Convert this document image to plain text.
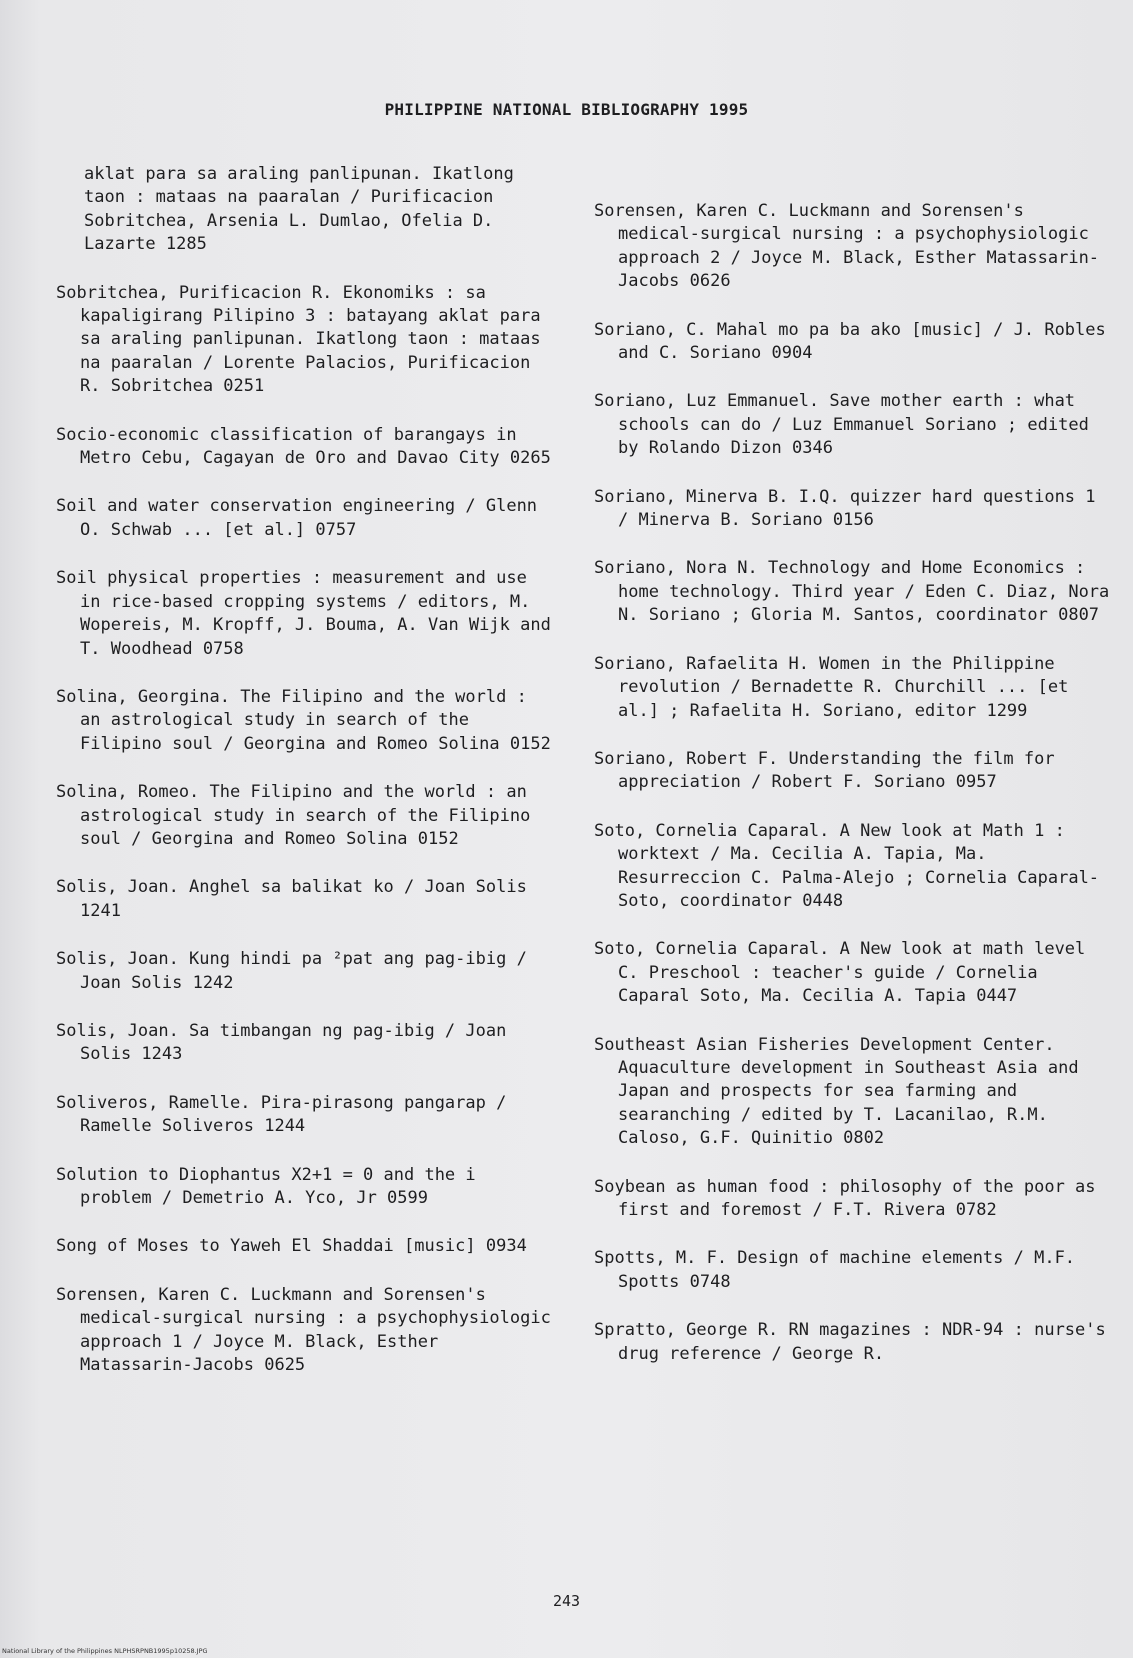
PHILIPPINE NATIONAL BIBLIOGRAPHY 1995

aklat para sa araling panlipunan. Ikatlong taon : mataas na paaralan / Purificacion Sobritchea, Arsenia L. Dumlao, Ofelia D. Lazarte 1285

Sobritchea, Purificacion R. Ekonomiks : sa kapaligirang Pilipino 3 : batayang aklat para sa araling panlipunan. Ikatlong taon : mataas na paaralan / Lorente Palacios, Purificacion R. Sobritchea 0251

Socio-economic classification of barangays in Metro Cebu, Cagayan de Oro and Davao City 0265

Soil and water conservation engineering / Glenn O. Schwab ... [et al.] 0757

Soil physical properties : measurement and use in rice-based cropping systems / editors, M. Wopereis, M. Kropff, J. Bouma, A. Van Wijk and T. Woodhead 0758

Solina, Georgina. The Filipino and the world : an astrological study in search of the Filipino soul / Georgina and Romeo Solina 0152

Solina, Romeo. The Filipino and the world : an astrological study in search of the Filipino soul / Georgina and Romeo Solina 0152

Solis, Joan. Anghel sa balikat ko / Joan Solis 1241

Solis, Joan. Kung hindi pa ²pat ang pag-ibig / Joan Solis 1242

Solis, Joan. Sa timbangan ng pag-ibig / Joan Solis 1243

Soliveros, Ramelle. Pira-pirasong pangarap / Ramelle Soliveros 1244

Solution to Diophantus X2+1 = 0 and the i problem / Demetrio A. Yco, Jr 0599

Song of Moses to Yaweh El Shaddai [music] 0934

Sorensen, Karen C. Luckmann and Sorensen's medical-surgical nursing : a psychophysiologic approach 1 / Joyce M. Black, Esther Matassarin-Jacobs 0625

Sorensen, Karen C. Luckmann and Sorensen's medical-surgical nursing : a psychophysiologic approach 2 / Joyce M. Black, Esther Matassarin-Jacobs 0626

Soriano, C. Mahal mo pa ba ako [music] / J. Robles and C. Soriano 0904

Soriano, Luz Emmanuel. Save mother earth : what schools can do / Luz Emmanuel Soriano ; edited by Rolando Dizon 0346

Soriano, Minerva B. I.Q. quizzer hard questions 1 / Minerva B. Soriano 0156

Soriano, Nora N. Technology and Home Economics : home technology. Third year / Eden C. Diaz, Nora N. Soriano ; Gloria M. Santos, coordinator 0807

Soriano, Rafaelita H. Women in the Philippine revolution / Bernadette R. Churchill ... [et al.] ; Rafaelita H. Soriano, editor 1299

Soriano, Robert F. Understanding the film for appreciation / Robert F. Soriano 0957

Soto, Cornelia Caparal. A New look at Math 1 : worktext / Ma. Cecilia A. Tapia, Ma. Resurreccion C. Palma-Alejo ; Cornelia Caparal-Soto, coordinator 0448

Soto, Cornelia Caparal. A New look at math level C. Preschool : teacher's guide / Cornelia Caparal Soto, Ma. Cecilia A. Tapia 0447

Southeast Asian Fisheries Development Center. Aquaculture development in Southeast Asia and Japan and prospects for sea farming and searanching / edited by T. Lacanilao, R.M. Caloso, G.F. Quinitio 0802

Soybean as human food : philosophy of the poor as first and foremost / F.T. Rivera 0782

Spotts, M. F. Design of machine elements / M.F. Spotts 0748

Spratto, George R. RN magazines : NDR-94 : nurse's drug reference / George R.

243
National Library of the Philippines NLPHSRPNB1995p10258.JPG
